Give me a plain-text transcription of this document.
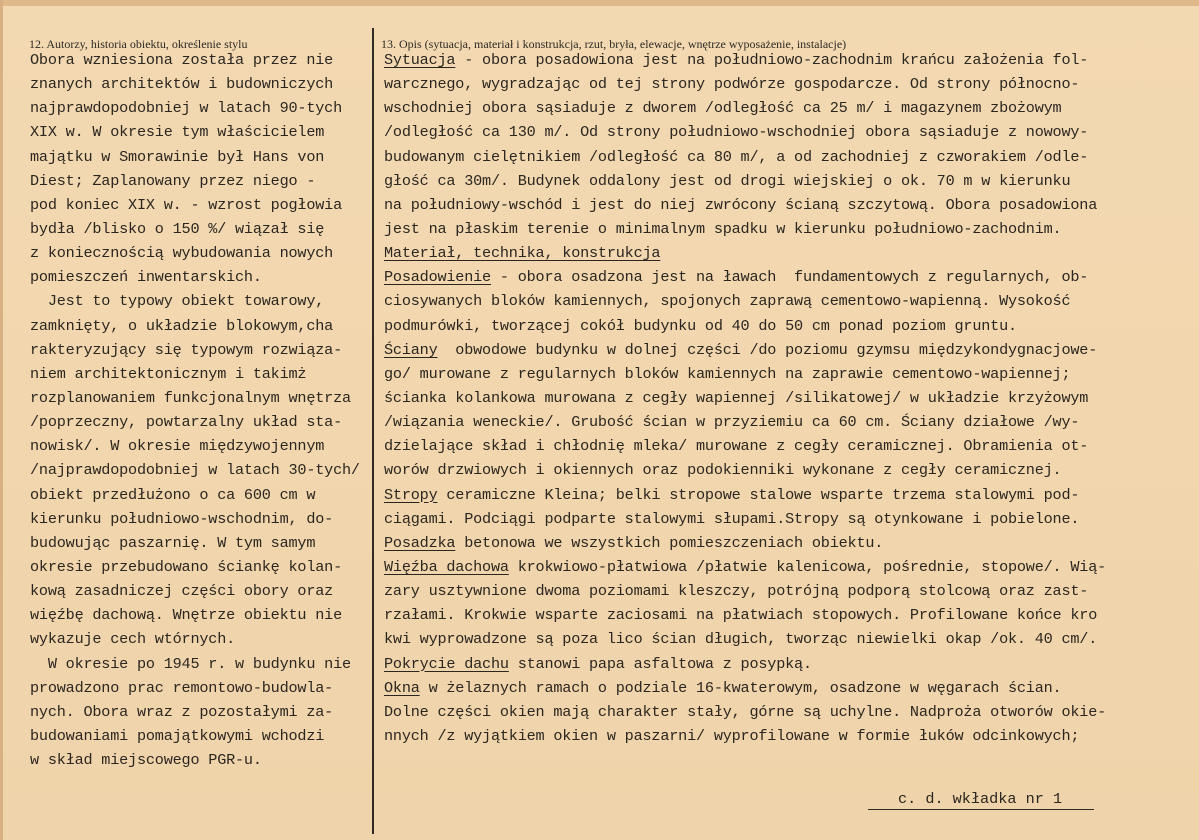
12. Autorzy, historia obiektu, określenie stylu	13. Opis (sytuacja, materiał i konstrukcja, rzut, bryła, elewacje, wnętrze wyposażenie, instalacje)
Obora wzniesiona została przez nie
znanych architektów i budowniczych
najprawdopodobniej w latach 90-tych
XIX w. W okresie tym właścicielem
majątku w Smorawinie był Hans von
Diest; Zaplanowany przez niego -
pod koniec XIX w. - wzrost pogłowia
bydła /blisko o 150 %/ wiązał się
z koniecznością wybudowania nowych
pomieszczeń inwentarskich.
Jest to typowy obiekt towarowy,
zamknięty, o układzie blokowym,cha
rakteryzujący się typowym rozwiąza-
niem architektonicznym i takimż
rozplanowaniem funkcjonalnym wnętrza
/poprzeczny, powtarzalny układ sta-
nowisk/. W okresie międzywojennym
/najprawdopodobniej w latach 30-tych/
obiekt przedłużono o ca 600 cm w
kierunku południowo-wschodnim, do-
budowując paszarnię. W tym samym
okresie przebudowano ściankę kolan-
kową zasadniczej części obory oraz
więźbę dachową. Wnętrze obiektu nie
wykazuje cech wtórnych.
W okresie po 1945 r. w budynku nie
prowadzono prac remontowo-budowla-
nych. Obora wraz z pozostałymi za-
budowaniami pomajątkowymi wchodzi
w skład miejscowego PGR-u.
Sytuacja - obora posadowiona jest na południowo-zachodnim krańcu założenia fol-
warcznego, wygradzając od tej strony podwórze gospodarcze. Od strony północno-
wschodniej obora sąsiaduje z dworem /odległość ca 25 m/ i magazynem zbożowym
/odległość ca 130 m/. Od strony południowo-wschodniej obora sąsiaduje z nowowy-
budowanym cielętnikiem /odległość ca 80 m/, a od zachodniej z czworakiem /odle-
głość ca 30m/. Budynek oddalony jest od drogi wiejskiej o ok. 70 m w kierunku
na południowy-wschód i jest do niej zwrócony ścianą szczytową. Obora posadowiona
jest na płaskim terenie o minimalnym spadku w kierunku południowo-zachodnim.
Materiał, technika, konstrukcja
Posadowienie - obora osadzona jest na ławach  fundamentowych z regularnych, ob-
ciosywanych bloków kamiennych, spojonych zaprawą cementowo-wapienną. Wysokość
podmurówki, tworzącej cokół budynku od 40 do 50 cm ponad poziom gruntu.
Ściany  obwodowe budynku w dolnej części /do poziomu gzymsu międzykondygnacjowe-
go/ murowane z regularnych bloków kamiennych na zaprawie cementowo-wapiennej;
ścianka kolankowa murowana z cegły wapiennej /silikatowej/ w układzie krzyżowym
/wiązania weneckie/. Grubość ścian w przyziemiu ca 60 cm. Ściany działowe /wy-
dzielające skład i chłodnię mleka/ murowane z cegły ceramicznej. Obramienia ot-
worów drzwiowych i okiennych oraz podokienniki wykonane z cegły ceramicznej.
Stropy ceramiczne Kleina; belki stropowe stalowe wsparte trzema stalowymi pod-
ciągami. Podciągi podparte stalowymi słupami.Stropy są otynkowane i pobielone.
Posadzka betonowa we wszystkich pomieszczeniach obiektu.
Więźba dachowa krokwiowo-płatwiowa /płatwie kalenicowa, pośrednie, stopowe/. Wią-
zary usztywnione dwoma poziomami kleszczy, potrójną podporą stolcową oraz zast-
rzałami. Krokwie wsparte zaciosami na płatwiach stopowych. Profilowane końce kro
kwi wyprowadzone są poza lico ścian długich, tworząc niewielki okap /ok. 40 cm/.
Pokrycie dachu stanowi papa asfaltowa z posypką.
Okna w żelaznych ramach o podziale 16-kwaterowym, osadzone w węgarach ścian.
Dolne części okien mają charakter stały, górne są uchylne. Nadproża otworów okie-
nnych /z wyjątkiem okien w paszarni/ wyprofilowane w formie łuków odcinkowych;
c. d. wkładka nr 1
